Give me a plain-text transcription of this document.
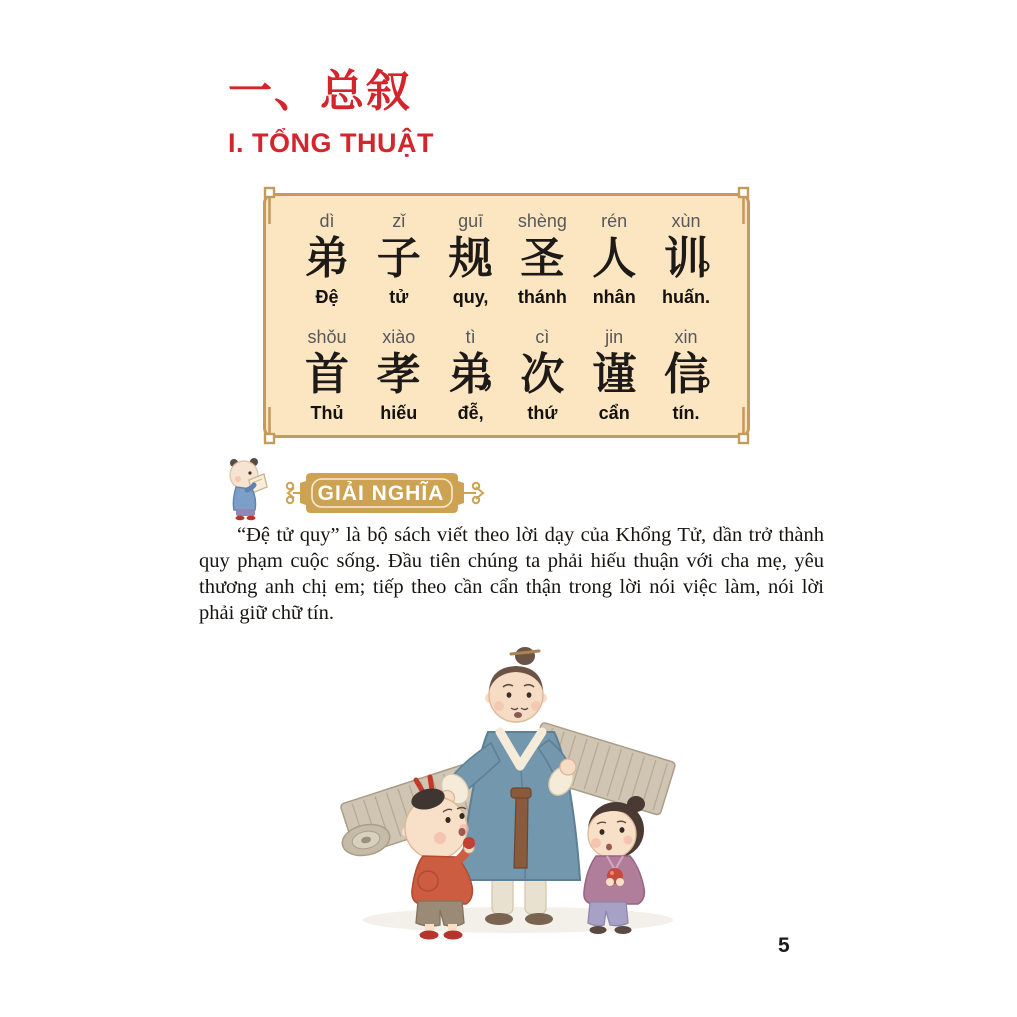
一、总叙
I. TỔNG THUẬT
dì
弟
Đệ
zǐ
子
tử
guī
规
，
quy,
shèng
圣
thánh
rén
人
nhân
xùn
训
。
huấn.
shǒu
首
Thủ
xiào
孝
hiếu
tì
弟
，
đễ,
cì
次
thứ
jin
谨
cẩn
xin
信
。
tín.
GIẢI NGHĨA
“Đệ tử quy” là bộ sách viết theo lời dạy của Khổng Tử, dần trở thành quy phạm cuộc sống. Đầu tiên chúng ta phải hiếu thuận với cha mẹ, yêu thương anh chị em; tiếp theo cần cẩn thận trong lời nói việc làm, nói lời phải giữ chữ tín.
5
